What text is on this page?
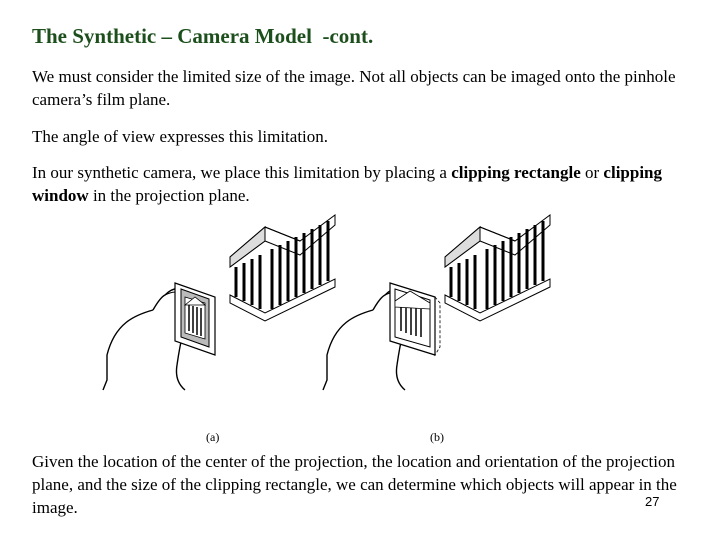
The Synthetic – Camera Model  -cont.
We must consider the limited size of the image. Not all objects can be imaged onto the pinhole camera’s film plane.
The angle of view expresses this limitation.
In our synthetic camera, we place this limitation by placing a clipping rectangle or clipping window in the projection plane.
(a)	(b)
Given the location of the center of the projection, the location and orientation of the projection plane, and the size of the clipping rectangle, we can determine which objects will appear in the image.	27
